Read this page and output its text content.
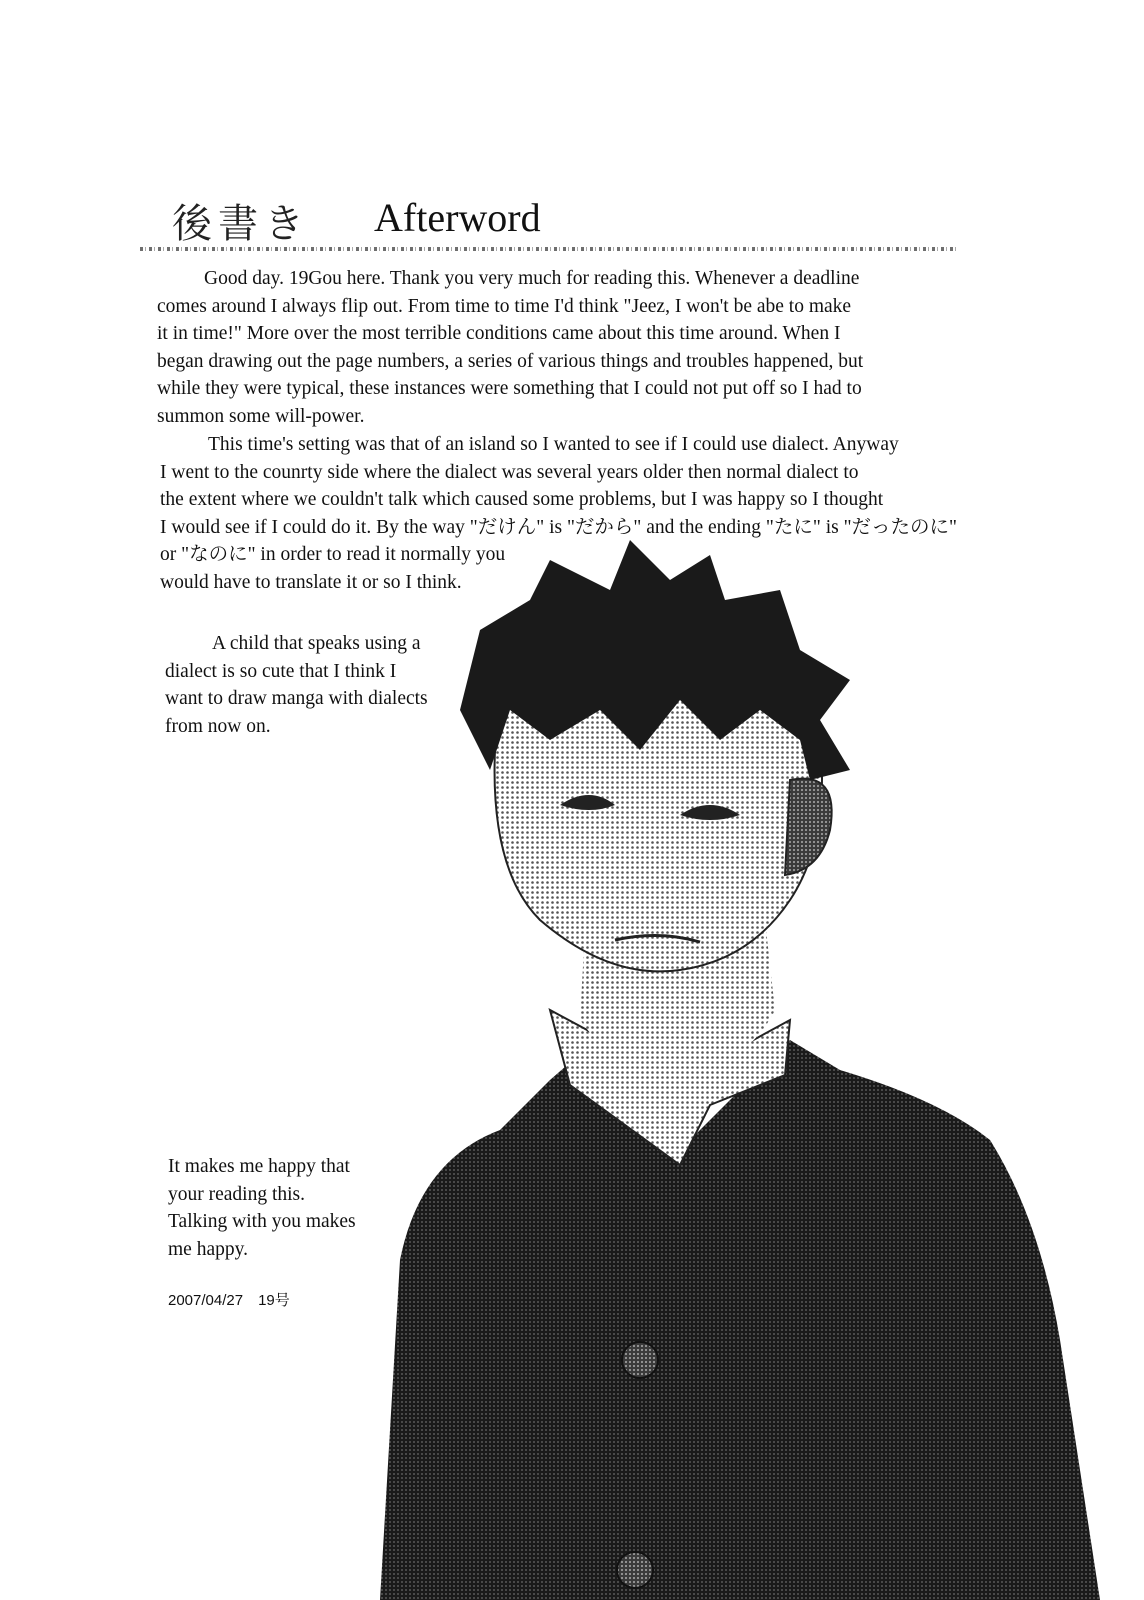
後書き Afterword
Good day. 19Gou here. Thank you very much for reading this. Whenever a deadline
comes around I always flip out. From time to time I'd think "Jeez, I won't be abe to make
it in time!" More over the most terrible conditions came about this time around. When I
began drawing out the page numbers, a series of various things and troubles happened, but
while they were typical, these instances were something that I could not put off so I had to
summon some will-power.
This time's setting was that of an island so I wanted to see if I could use dialect. Anyway
I went to the counrty side where the dialect was several years older then normal dialect to
the extent where we couldn't talk which caused some problems, but I was happy so I thought
I would see if I could do it. By the way "だけん" is "だから" and the ending "たに" is "だったのに"
or "なのに" in order to read it normally you
would have to translate it or so I think.
A child that speaks using a
dialect is so cute that I think I
want to draw manga with dialects
from now on.
It makes me happy that
your reading this.
Talking with you makes
me happy.
2007/04/27　19号
